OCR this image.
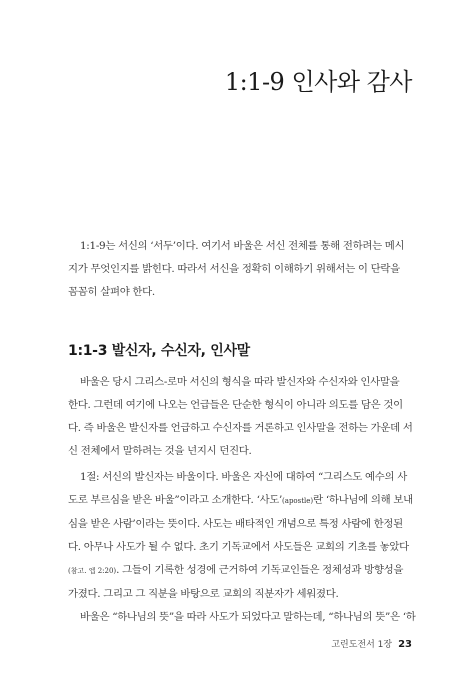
1:1-9 인사와 감사
1:1-9는 서신의 ‘서두’이다. 여기서 바울은 서신 전체를 통해 전하려는 메시
지가 무엇인지를 밝힌다. 따라서 서신을 정확히 이해하기 위해서는 이 단락을
꼼꼼히 살펴야 한다.
1:1-3 발신자, 수신자, 인사말
바울은 당시 그리스-로마 서신의 형식을 따라 발신자와 수신자와 인사말을
한다. 그런데 여기에 나오는 언급들은 단순한 형식이 아니라 의도를 담은 것이
다. 즉 바울은 발신자를 언급하고 수신자를 거론하고 인사말을 전하는 가운데 서
신 전체에서 말하려는 것을 넌지시 던진다.
1절: 서신의 발신자는 바울이다. 바울은 자신에 대하여 “그리스도 예수의 사
도로 부르심을 받은 바울”이라고 소개한다. ‘사도’(apostle)란 ‘하나님에 의해 보내
심을 받은 사람’이라는 뜻이다. 사도는 배타적인 개념으로 특정 사람에 한정된
다. 아무나 사도가 될 수 없다. 초기 기독교에서 사도들은 교회의 기초를 놓았다
(참고. 엡 2:20). 그들이 기록한 성경에 근거하여 기독교인들은 정체성과 방향성을
가졌다. 그리고 그 직분을 바탕으로 교회의 직분자가 세워졌다.
바울은 “하나님의 뜻”을 따라 사도가 되었다고 말하는데, “하나님의 뜻”은 ‘하
고린도전서 1장 23
